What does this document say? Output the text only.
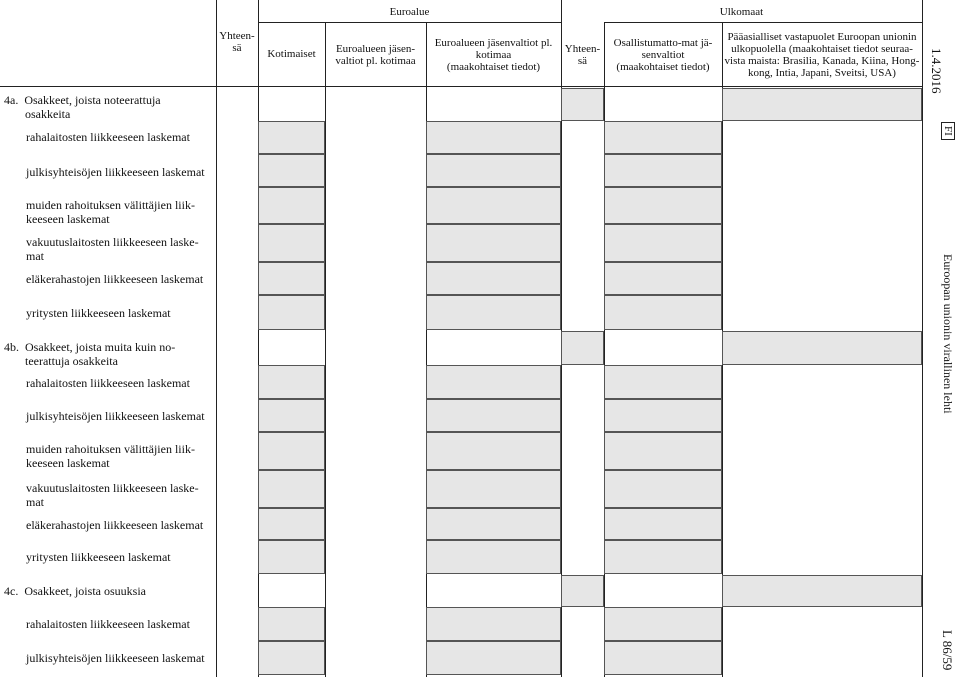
Yhteen-
sä
Euroalue	Ulkomaat
Kotimaiset	Euroalueen jäsen-
valtiot pl. kotimaa
Euroalueen jäsenvaltiot pl.
kotimaa
(maakohtaiset tiedot)
Yhteen-
sä
Osallistumatto-mat jä-
senvaltiot
(maakohtaiset tiedot)
Pääasialliset vastapuolet Euroopan unionin
ulkopuolella (maakohtaiset tiedot seuraa-
vista maista: Brasilia, Kanada, Kiina, Hong-
kong, Intia, Japani, Sveitsi, USA)
4a.  Osakkeet, joista noteerattuja
osakkeita
rahalaitosten liikkeeseen laskemat
julkisyhteisöjen liikkeeseen laskemat
muiden rahoituksen välittäjien liik-
keeseen laskemat
vakuutuslaitosten liikkeeseen laske-
mat
eläkerahastojen liikkeeseen laskemat
yritysten liikkeeseen laskemat
4b.  Osakkeet, joista muita kuin no-
teerattuja osakkeita
rahalaitosten liikkeeseen laskemat
julkisyhteisöjen liikkeeseen laskemat
muiden rahoituksen välittäjien liik-
keeseen laskemat
vakuutuslaitosten liikkeeseen laske-
mat
eläkerahastojen liikkeeseen laskemat
yritysten liikkeeseen laskemat
4c.  Osakkeet, joista osuuksia
rahalaitosten liikkeeseen laskemat
julkisyhteisöjen liikkeeseen laskemat
1.4.2016
FI
Euroopan unionin virallinen lehti
L 86/59
